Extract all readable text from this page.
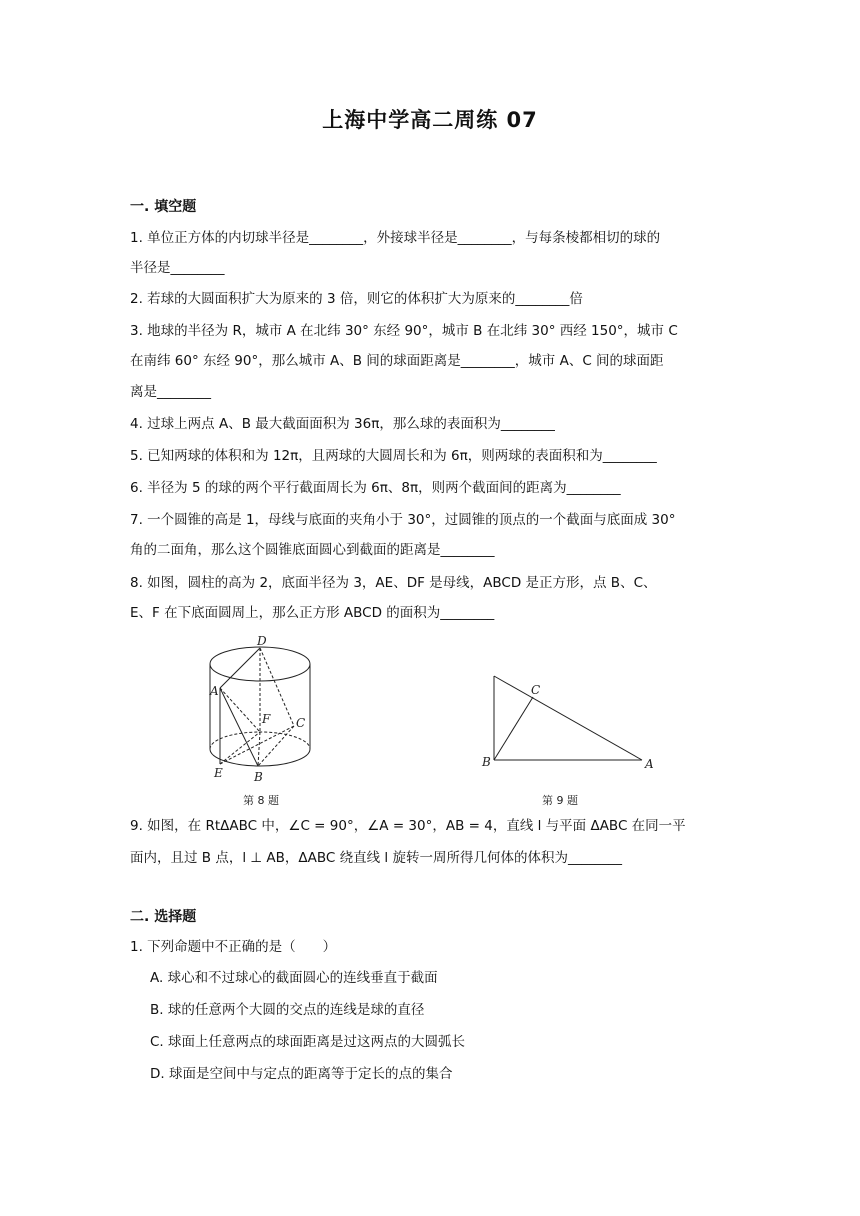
上海中学高二周练 07
一. 填空题
1. 单位正方体的内切球半径是________，外接球半径是________，与每条棱都相切的球的
半径是________
2. 若球的大圆面积扩大为原来的 3 倍，则它的体积扩大为原来的________倍
3. 地球的半径为 R，城市 A 在北纬 30° 东经 90°，城市 B 在北纬 30° 西经 150°，城市 C
在南纬 60° 东经 90°，那么城市 A、B 间的球面距离是________，城市 A、C 间的球面距
离是________
4. 过球上两点 A、B 最大截面面积为 36π，那么球的表面积为________
5. 已知两球的体积和为 12π，且两球的大圆周长和为 6π，则两球的表面积和为________
6. 半径为 5 的球的两个平行截面周长为 6π、8π，则两个截面间的距离为________
7. 一个圆锥的高是 1，母线与底面的夹角小于 30°，过圆锥的顶点的一个截面与底面成 30°
角的二面角，那么这个圆锥底面圆心到截面的距离是________
8. 如图，圆柱的高为 2，底面半径为 3，AE、DF 是母线，ABCD 是正方形，点 B、C、
E、F 在下底面圆周上，那么正方形 ABCD 的面积为________
D
A
F C
E	B
第 8 题
C
B	A
第 9 题
9. 如图，在 RtΔABC 中，∠C = 90°，∠A = 30°，AB = 4，直线 l 与平面 ΔABC 在同一平
面内，且过 B 点，l ⊥ AB，ΔABC 绕直线 l 旋转一周所得几何体的体积为________
二. 选择题
1. 下列命题中不正确的是（　　）
A. 球心和不过球心的截面圆心的连线垂直于截面
B. 球的任意两个大圆的交点的连线是球的直径
C. 球面上任意两点的球面距离是过这两点的大圆弧长
D. 球面是空间中与定点的距离等于定长的点的集合
